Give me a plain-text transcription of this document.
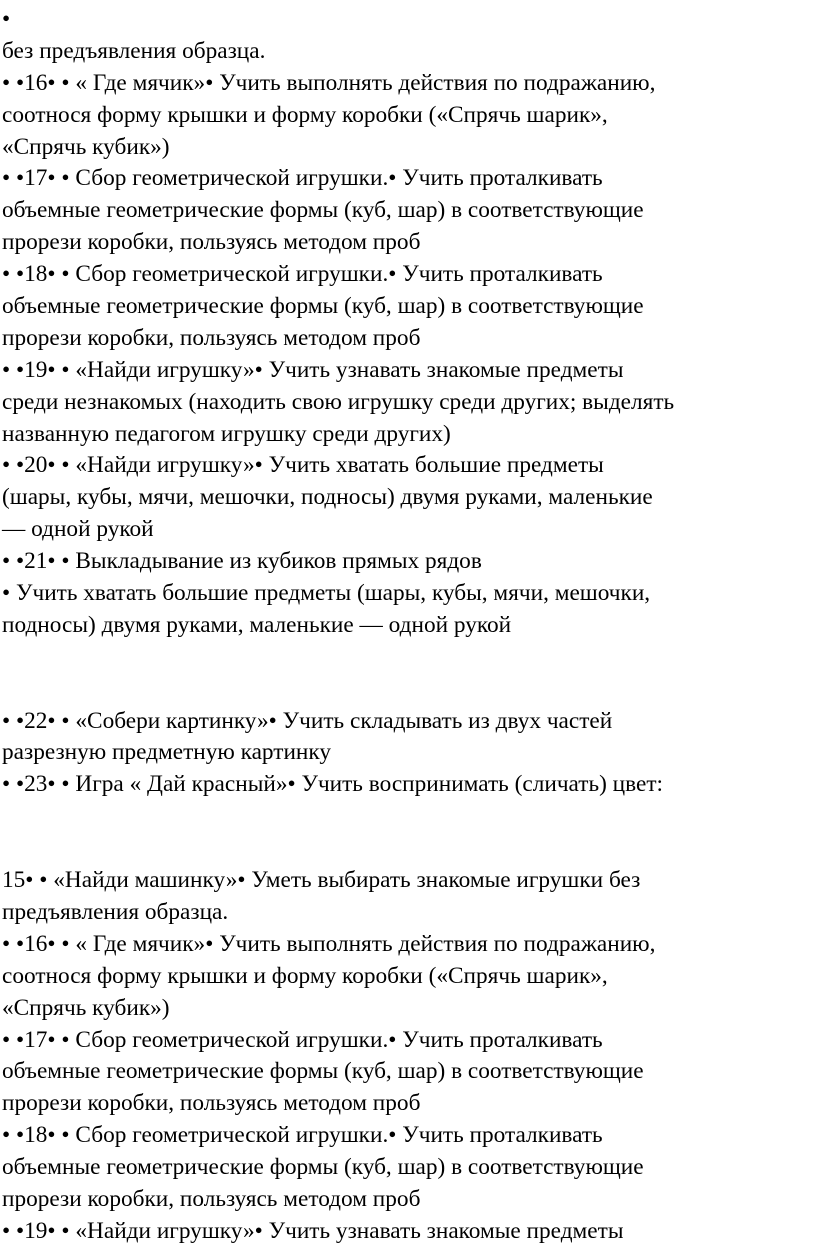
•
без предъявления образца.
• •16• • « Где мячик»• Учить выполнять действия по подражанию,
соотнося форму крышки и форму коробки («Спрячь шарик»,
«Спрячь кубик»)
• •17• • Сбор геометрической игрушки.• Учить проталкивать
объемные геометрические формы (куб, шар) в соответствующие
прорези коробки, пользуясь методом проб
• •18• • Сбор геометрической игрушки.• Учить проталкивать
объемные геометрические формы (куб, шар) в соответствующие
прорези коробки, пользуясь методом проб
• •19• • «Найди игрушку»• Учить узнавать знакомые предметы
среди незнакомых (находить свою игрушку среди других; выделять
названную педагогом игрушку среди других)
• •20• • «Найди игрушку»• Учить хватать большие предметы
(шары, кубы, мячи, мешочки, подносы) двумя руками, маленькие
— одной рукой
• •21• • Выкладывание из кубиков прямых рядов
• Учить хватать большие предметы (шары, кубы, мячи, мешочки,
подносы) двумя руками, маленькие — одной рукой
• •22• • «Собери картинку»• Учить складывать из двух частей
разрезную предметную картинку
• •23• • Игра « Дай красный»• Учить воспринимать (сличать) цвет:
15• • «Найди машинку»• Уметь выбирать знакомые игрушки без
предъявления образца.
• •16• • « Где мячик»• Учить выполнять действия по подражанию,
соотнося форму крышки и форму коробки («Спрячь шарик»,
«Спрячь кубик»)
• •17• • Сбор геометрической игрушки.• Учить проталкивать
объемные геометрические формы (куб, шар) в соответствующие
прорези коробки, пользуясь методом проб
• •18• • Сбор геометрической игрушки.• Учить проталкивать
объемные геометрические формы (куб, шар) в соответствующие
прорези коробки, пользуясь методом проб
• •19• • «Найди игрушку»• Учить узнавать знакомые предметы
